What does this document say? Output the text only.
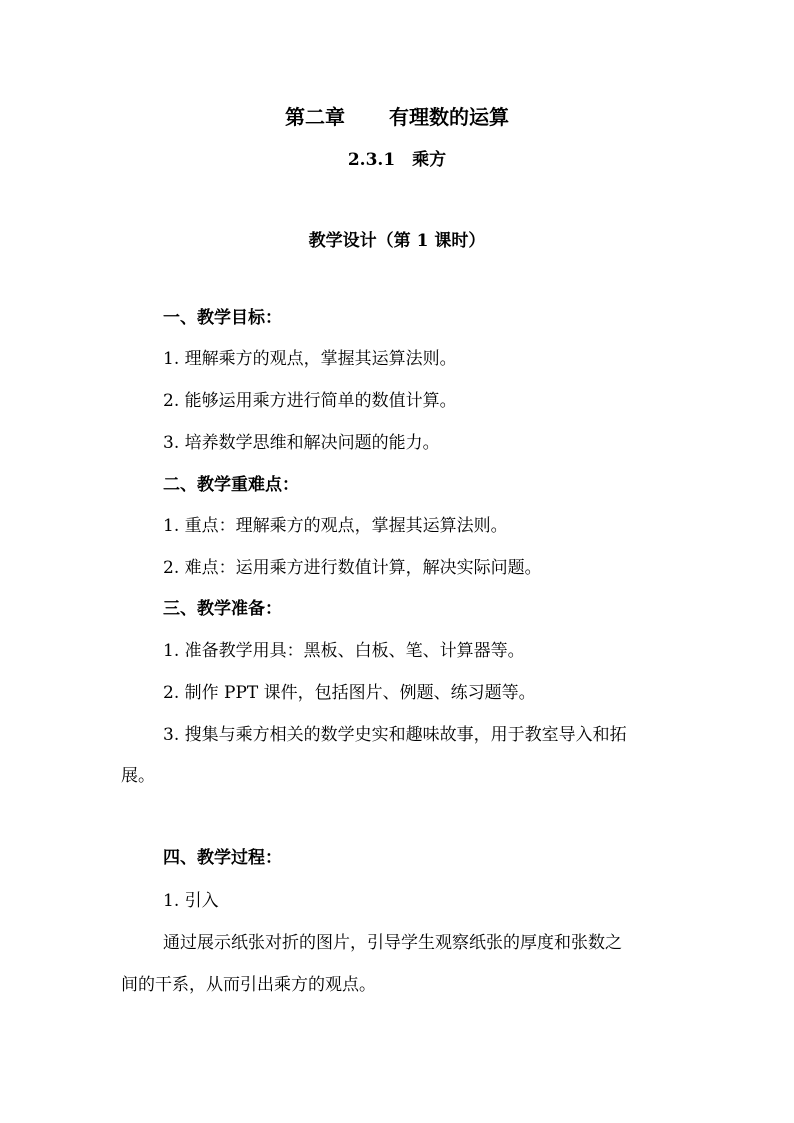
第二章 有理数的运算
2.3.1　乘方
教学设计（第 1 课时）
一、教学目标：
1. 理解乘方的观点，掌握其运算法则。
2. 能够运用乘方进行简单的数值计算。
3. 培养数学思维和解决问题的能力。
二、教学重难点：
1. 重点：理解乘方的观点，掌握其运算法则。
2. 难点：运用乘方进行数值计算，解决实际问题。
三、教学准备：
1. 准备教学用具：黑板、白板、笔、计算器等。
2. 制作 PPT 课件，包括图片、例题、练习题等。
3. 搜集与乘方相关的数学史实和趣味故事，用于教室导入和拓
展。
四、教学过程：
1. 引入
通过展示纸张对折的图片，引导学生观察纸张的厚度和张数之
间的干系，从而引出乘方的观点。
